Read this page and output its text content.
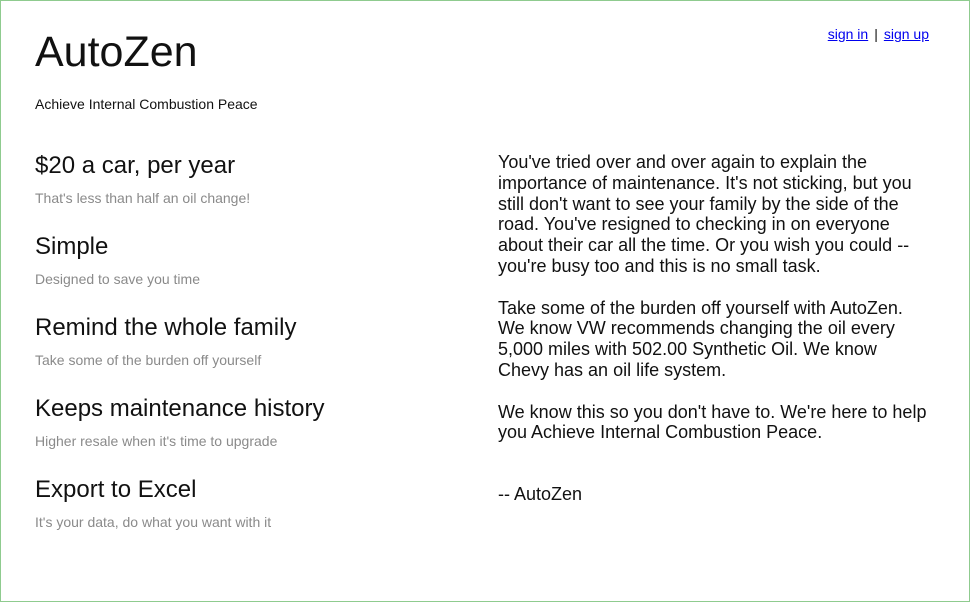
AutoZen
Achieve Internal Combustion Peace
sign in | sign up
$20 a car, per year
That's less than half an oil change!
Simple
Designed to save you time
Remind the whole family
Take some of the burden off yourself
Keeps maintenance history
Higher resale when it's time to upgrade
Export to Excel
It's your data, do what you want with it

You've tried over and over again to explain the importance of maintenance. It's not sticking, but you still don't want to see your family by the side of the road. You've resigned to checking in on everyone about their car all the time. Or you wish you could -- you're busy too and this is no small task.

Take some of the burden off yourself with AutoZen. We know VW recommends changing the oil every 5,000 miles with 502.00 Synthetic Oil. We know Chevy has an oil life system.

We know this so you don't have to. We're here to help you Achieve Internal Combustion Peace.

-- AutoZen
